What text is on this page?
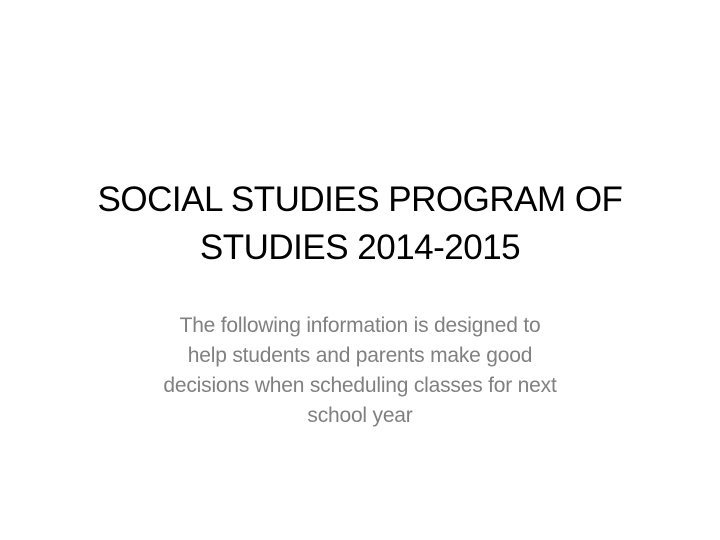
SOCIAL STUDIES PROGRAM OF
STUDIES 2014-2015
The following information is designed to
help students and parents make good
decisions when scheduling classes for next
school year
